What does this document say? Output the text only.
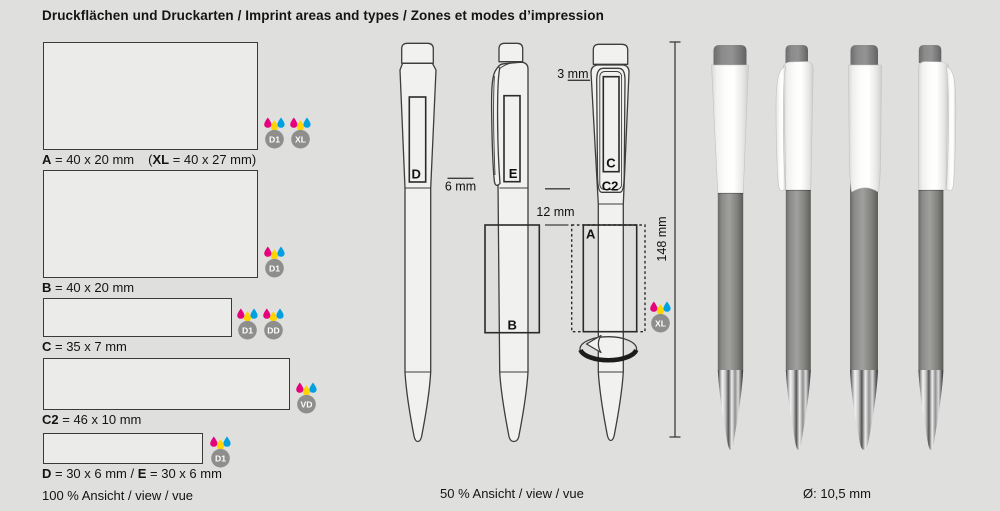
Druckflächen und Druckarten / Imprint areas and types / Zones et modes d’impression
A = 40 x 20 mm (XL = 40 x 27 mm)
D1 XL
B = 40 x 20 mm
D1
C = 35 x 7 mm
D1 DD
C2 = 46 x 10 mm
VD
D = 30 x 6 mm / E = 30 x 6 mm
D1
D
6 mm
E
B
12 mm
C
C2
A
3 mm
148 mm
XL
100 % Ansicht / view / vue	50 % Ansicht / view / vue	Ø: 10,5 mm
